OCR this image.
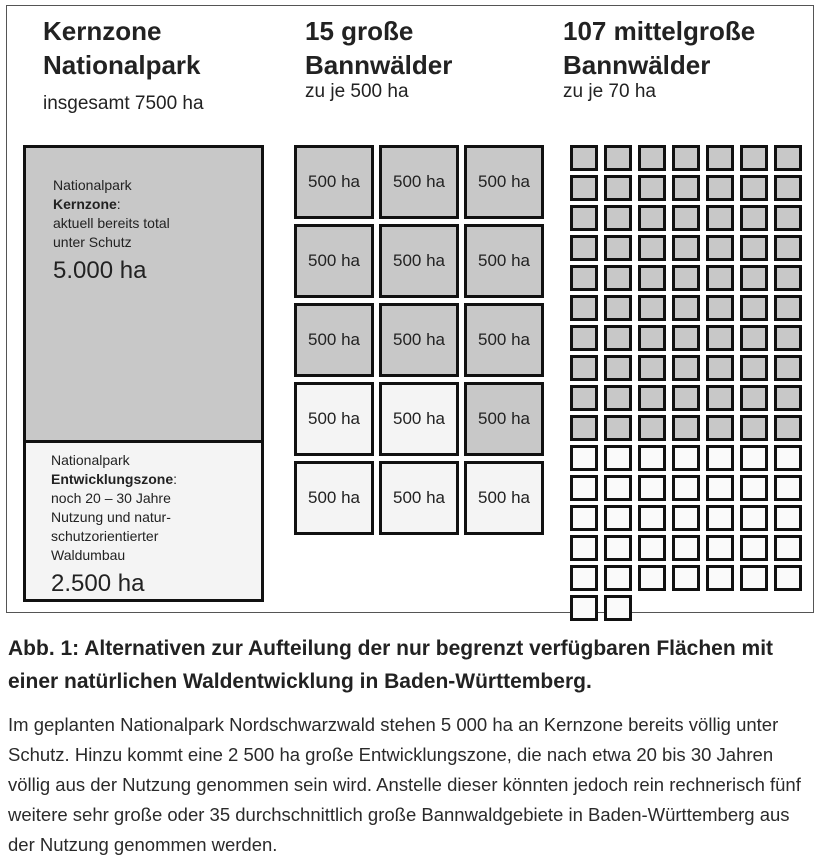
Kernzone
Nationalpark
insgesamt 7500 ha
15 große
Bannwälder
zu je 500 ha
107 mittelgroße
Bannwälder
zu je 70 ha
Nationalpark
Kernzone:
aktuell bereits total
unter Schutz
5.000 ha
Nationalpark
Entwicklungszone:
noch 20 – 30 Jahre
Nutzung und natur-
schutzorientierter
Waldumbau
2.500 ha
500 ha	500 ha	500 ha
500 ha	500 ha	500 ha
500 ha	500 ha	500 ha
500 ha	500 ha	500 ha
500 ha	500 ha	500 ha
Abb. 1: Alternativen zur Aufteilung der nur begrenzt verfügbaren Flächen mit einer natürlichen Waldentwicklung in Baden-Württemberg.
Im geplanten Nationalpark Nordschwarzwald stehen 5 000 ha an Kernzone bereits völlig unter Schutz. Hinzu kommt eine 2 500 ha große Entwicklungszone, die nach etwa 20 bis 30 Jahren völlig aus der Nutzung genommen sein wird. Anstelle dieser könnten jedoch rein rechnerisch fünf weitere sehr große oder 35 durchschnittlich große Bannwaldgebiete in Baden-Württemberg aus der Nutzung genommen werden.
